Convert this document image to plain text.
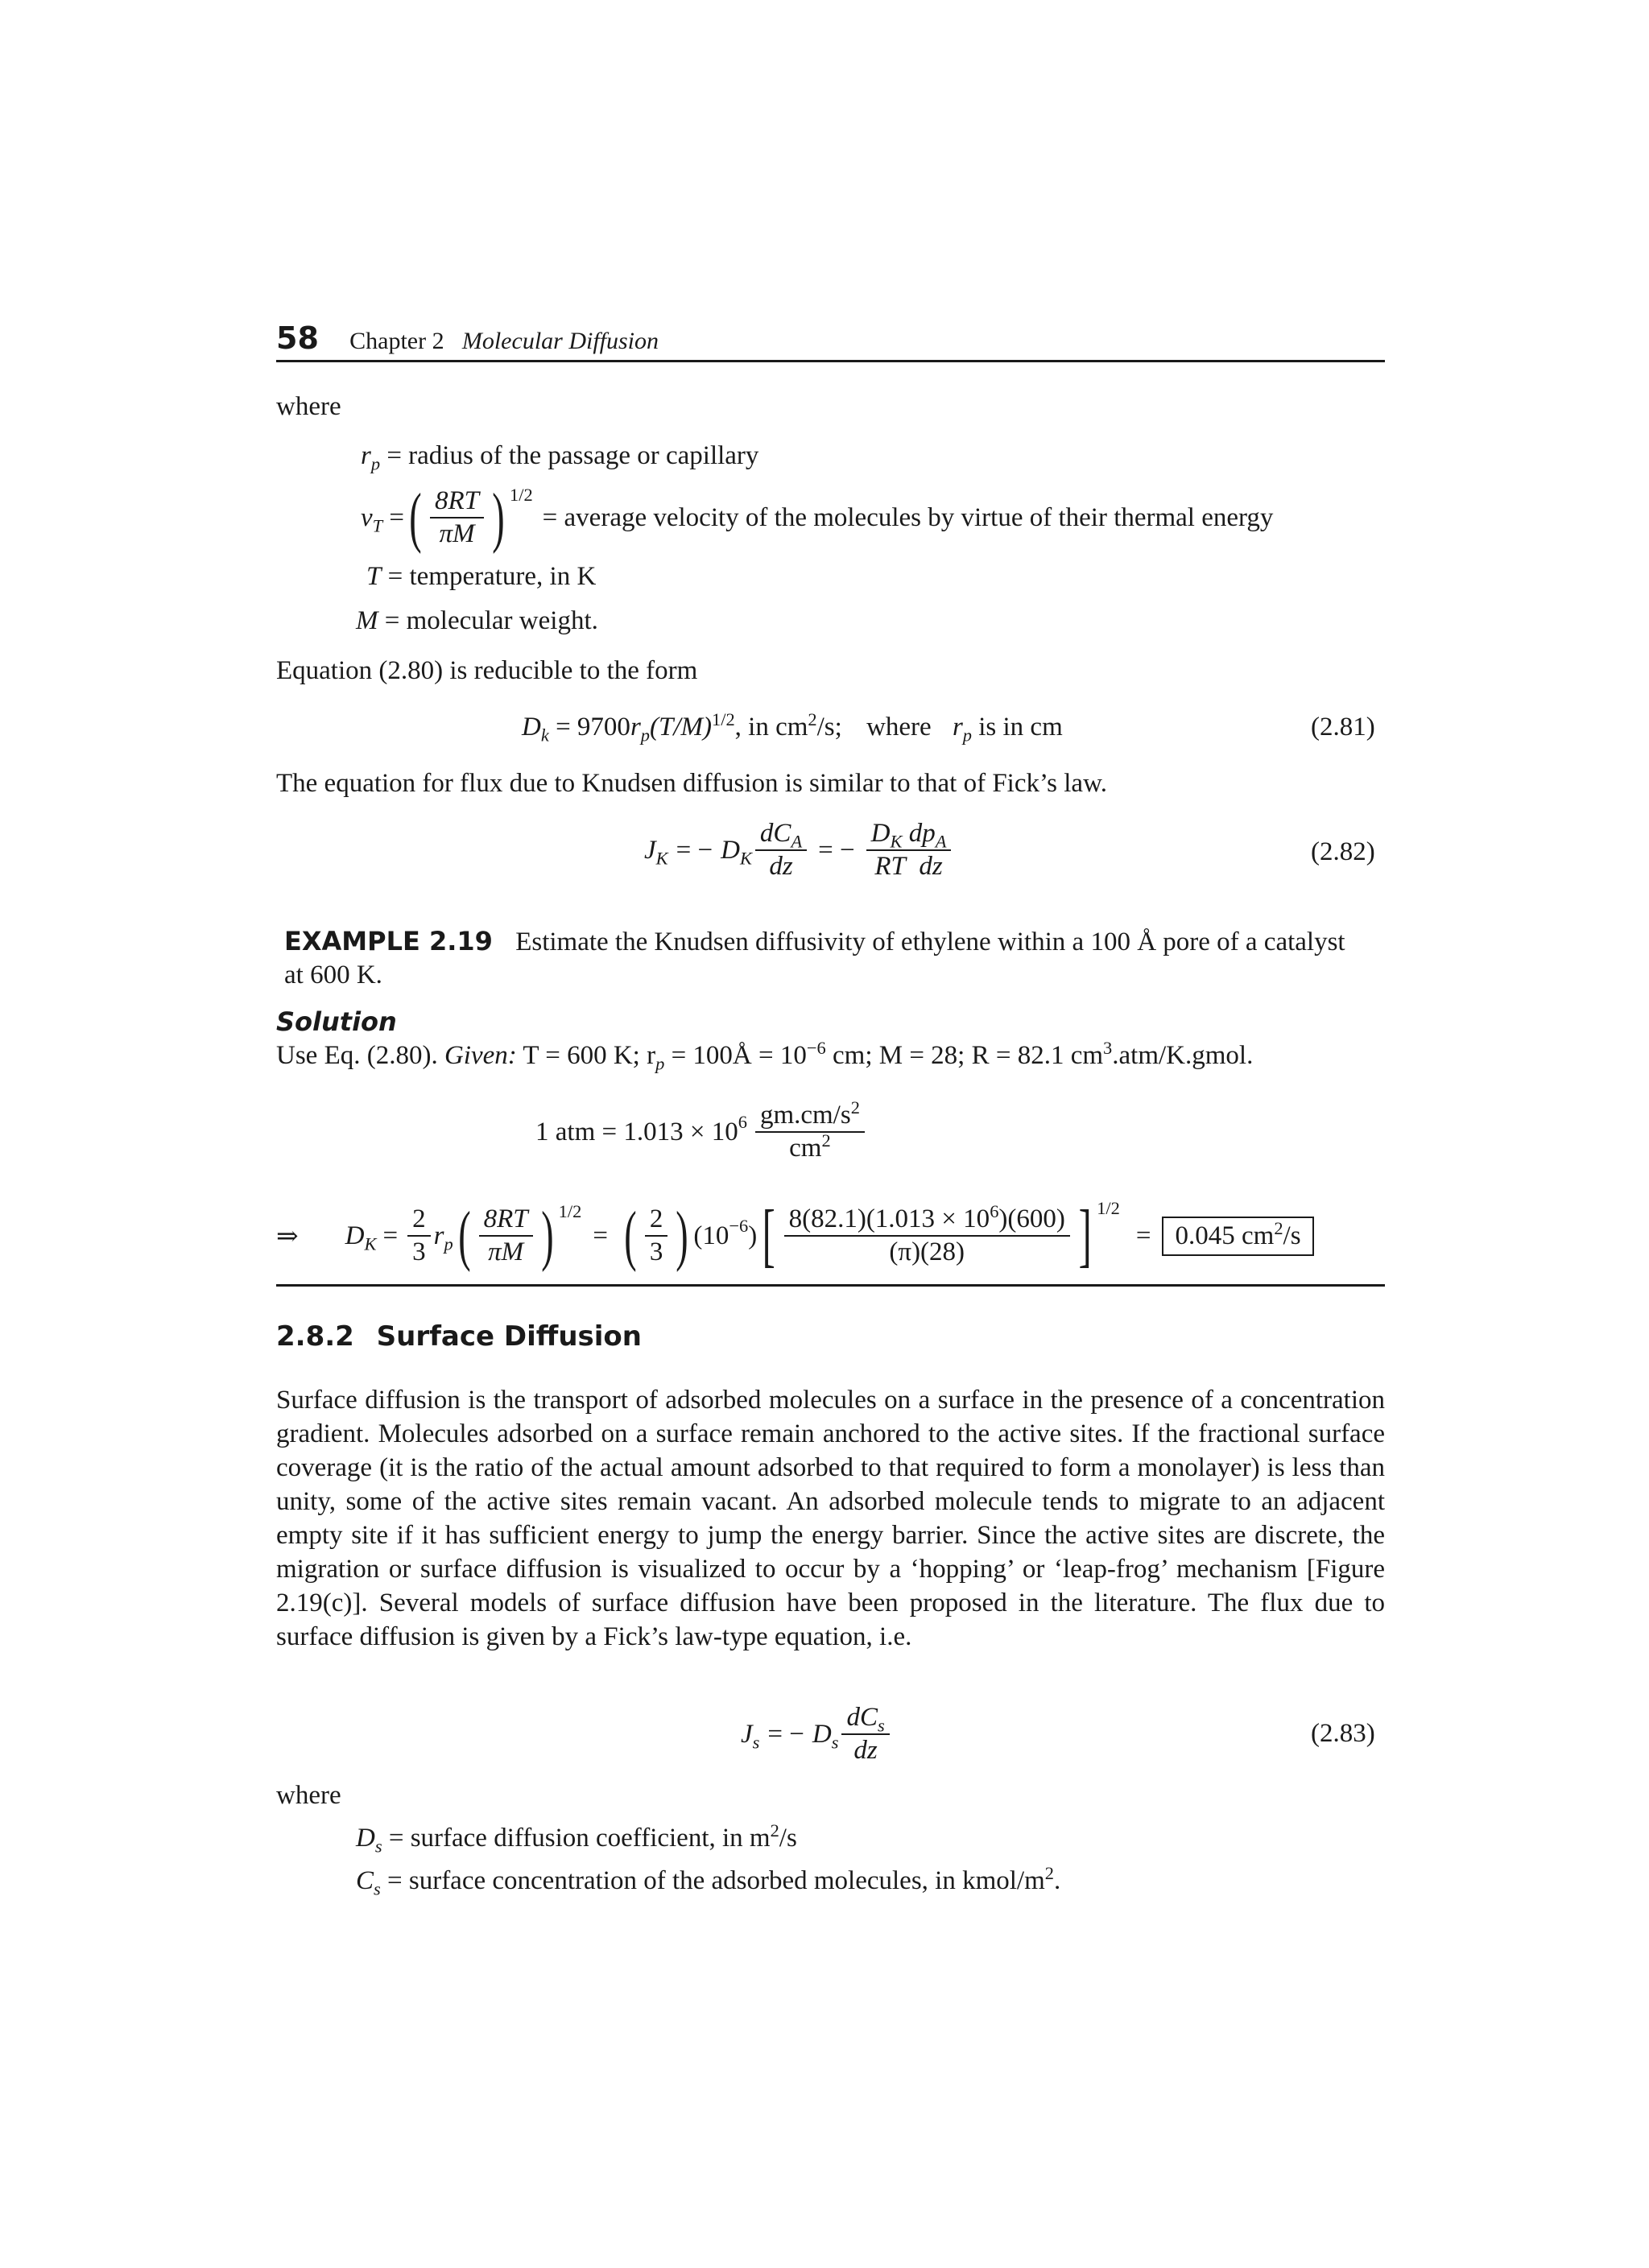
58 Chapter 2 Molecular Diffusion
where
$r_p$ = radius of the passage or capillary
$v_T$ = ( $\frac{8RT}{\pi M}$ ) $^{1/2}$
= average velocity of the molecules by virtue of their thermal energy
T = temperature, in K
M = molecular weight.
Equation (2.80) is reducible to the form
$D_k = 9700r_p(T/M)^{1/2}$, in $cm^2/s$; where $r_p$ is in cm	(2.81)
The equation for flux due to Knudsen diffusion is similar to that of Fick’s law.
$J_K$ = − $D_K \frac{dC_A}{dz}$ = − $\frac{D_K dp_A}{\text{RT dz}}$	(2.82)
EXAMPLE 2.19 Estimate the Knudsen diffusivity of ethylene within a 100 Å pore of a catalyst
at 600 K.
Solution
Use Eq. (2.80). Given: T = 600 K; $r_p$ = 100Å = $10^{-6}$ cm; M = 28; R = 82.1 $cm^3.atm/K.gmol$.
1 atm = $1.013 \times 10^6 \frac{gm.cm/s^2}{cm^2}$
⇒ $D_K = \frac{2}{3} r_p$ ( $\frac{8RT}{\pi M}$ ) $^{1/2}$
= ( $\frac{2}{3}$ ) ($10^{-6}$ ) [ $\frac{8(82.1)(1.013 \times 10^6)(600)}{(\pi)(28)}$ ] $^{1/2}$
= 0.045 $cm^2/s$
2.8.2 Surface Diffusion
Surface diffusion is the transport of adsorbed molecules on a surface in the presence of a concentration gradient. Molecules adsorbed on a surface remain anchored to the active sites. If the fractional surface coverage (it is the ratio of the actual amount adsorbed to that required to form a monolayer) is less than unity, some of the active sites remain vacant. An adsorbed molecule tends to migrate to an adjacent empty site if it has sufficient energy to jump the energy barrier. Since the active sites are discrete, the migration or surface diffusion is visualized to occur by a ‘hopping’ or ‘leap-frog’ mechanism [Figure 2.19(c)]. Several models of surface diffusion have been proposed in the literature. The flux due to surface diffusion is given by a Fick’s law-type equation, i.e.
$J_s$ = − $D_s \frac{dC_s}{dz}$	(2.83)
where
$D_s$ = surface diffusion coefficient, in $m^2/s$
$C_s$ = surface concentration of the adsorbed molecules, in kmol/$m^2$.
